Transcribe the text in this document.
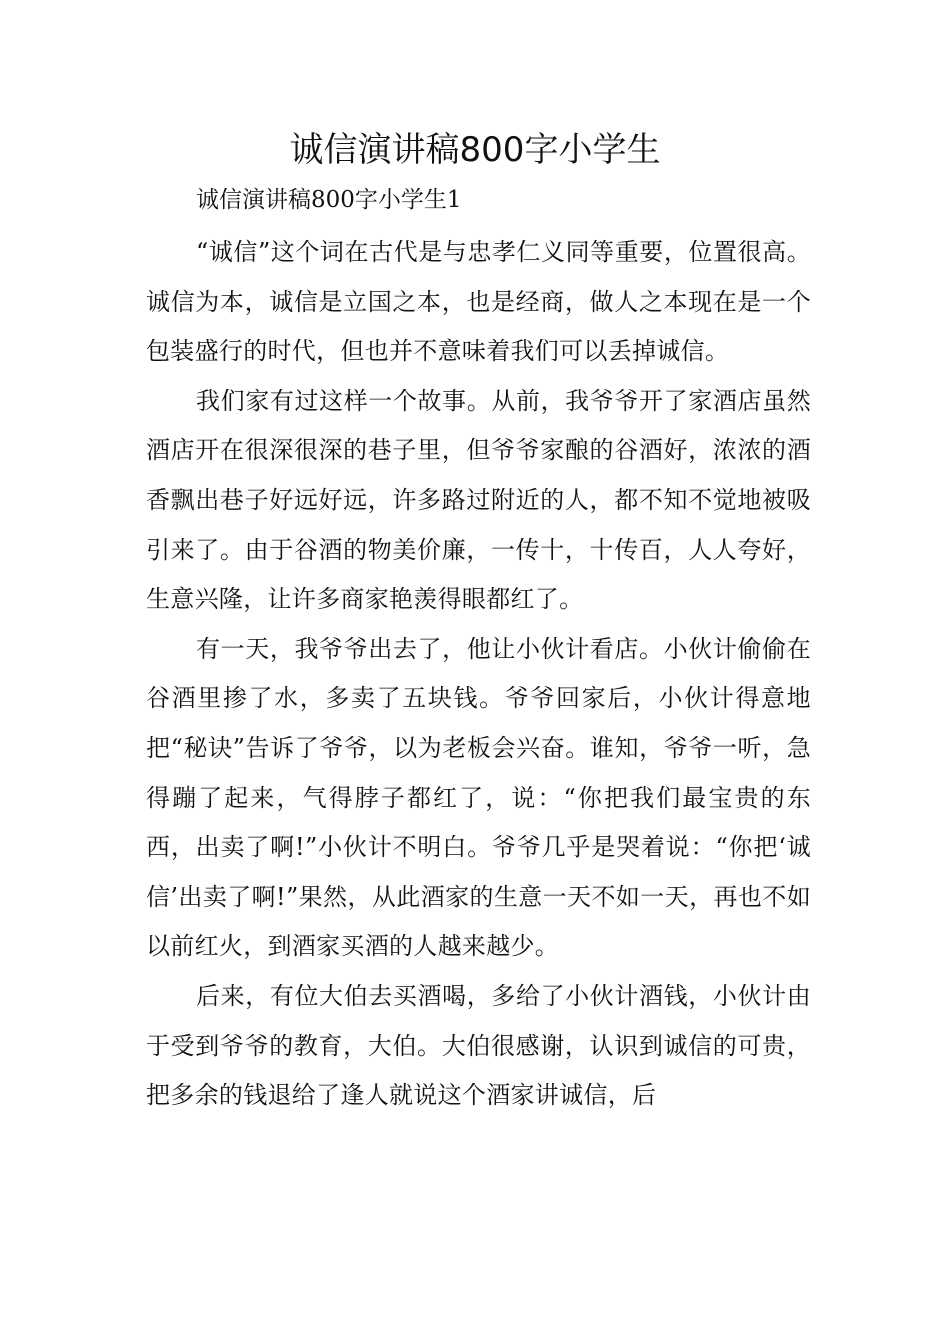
诚信演讲稿800字小学生

诚信演讲稿800字小学生1

“诚信”这个词在古代是与忠孝仁义同等重要，位置很高。诚信为本，诚信是立国之本，也是经商，做人之本现在是一个包装盛行的时代，但也并不意味着我们可以丢掉诚信。

我们家有过这样一个故事。从前，我爷爷开了家酒店虽然酒店开在很深很深的巷子里，但爷爷家酿的谷酒好，浓浓的酒香飘出巷子好远好远，许多路过附近的人，都不知不觉地被吸引来了。由于谷酒的物美价廉，一传十，十传百，人人夸好，生意兴隆，让许多商家艳羡得眼都红了。

有一天，我爷爷出去了，他让小伙计看店。小伙计偷偷在谷酒里掺了水，多卖了五块钱。爷爷回家后，小伙计得意地把“秘诀”告诉了爷爷，以为老板会兴奋。谁知，爷爷一听，急得蹦了起来，气得脖子都红了，说：“你把我们最宝贵的东西，出卖了啊!”小伙计不明白。爷爷几乎是哭着说：“你把‘诚信’出卖了啊!”果然，从此酒家的生意一天不如一天，再也不如以前红火，到酒家买酒的人越来越少。

后来，有位大伯去买酒喝，多给了小伙计酒钱，小伙计由于受到爷爷的教育，大伯。大伯很感谢，认识到诚信的可贵，把多余的钱退给了逢人就说这个酒家讲诚信，后
